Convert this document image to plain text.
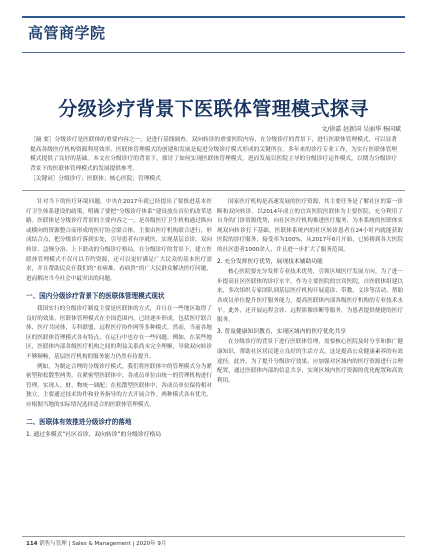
高管商学院
分级诊疗背景下医联体管理模式探寻
文/徐嘉 赵新国 吴丽华 杨国斌
［摘 要］分级诊疗是医联体的重要内容之一，是进行基线调查，双向转诊的重要医院内容，在分级诊疗的背景下，进行医联体管理模式，可以显著提高各级医疗机构资源利用效率。医联体管理模式的创建和发展是促进分级诊疗模式形成的关键所在。多年来的诊疗专业工作，为实行医联体管理模式提供了良好的基础。本文在分级诊疗的背景下，探讨了如何实现医联体管理模式，进而发展以医院主导的分级诊疗运作模式，以期为分级诊疗背景下的医联体管理模式的发展提供参考。
［关键词］分级诊疗；医联体；核心医院；管理模式

针对当下的医疗环境问题，中央在2017年就已经提出了要推进基本医疗卫生体系建设的政策，明确了要把“分级诊疗体系”建设放在首位的改革思路。医联体是分级诊疗背景的主要内容之一，是各级医疗卫生机构通过纵向或横向的资源整合而形成的医疗协会联合体。主要由医疗机构联合进行，形成结合点，把分级诊疗落到实处，引导患者有序就医，实现基层首诊、双向转诊、急慢分治、上下联动的分级诊疗格局。在分级诊疗的背景下，建立医联体管理模式不仅可以节约资源，还可以更好满足广大民众的基本医疗需求，并且帮助民众在我们的“看病难、看病贵”的广大民群众解决医疗问题，进而解决当今社会中最突出的问题。

一、国内分级诊疗背景下的医联体管理模式现状

我国实行的分级诊疗制度主要是医联体的方式，并且在一些地区取得了良好的效果。医联体管理模式在全国范围内，已经逐步形成，包括医疗联合体、医疗共同体、专科联盟、远程医疗协作网等多种模式。然而，当前各地区的医联体管理模式各有特点，在运行中也存在一些问题。例如，在某些地区，医联体内部各级医疗机构之间的利益关系尚未完全理顺，导致双向转诊不够顺畅，基层医疗机构的服务能力仍然有待提升。

例如，为制定合理的分级诊疗模式，我们将医联体中的管理模式分为紧密型和松散型两类。在紧密型医联体中，各成员单位由统一的管理机构进行管理，实现人、财、物统一调配；在松散型医联体中，各成员单位保持相对独立，主要通过技术协作和业务指导的方式开展合作。两种模式各有优劣，应根据当地的实际情况选择适合的医联体管理模式。

二、医联体有效推进分级诊疗的落地
1. 通过多模式“社区首诊、双向转诊”的分级诊疗格局

国家医疗机构是高速发展的医疗资源，其主要任务是了解社区的第一诊断和双向转诊。以2014年成立的宜宾医院医联体为主要医院，充分利用了自身的门诊资源优势，向社区医疗机构推进医疗服务，为本系统的医联体实现双向转诊打下基础。医联体系统内的社区转诊患者在24小时内就能获取医院的诊疗服务，接受率为100%，从2017年6月开始，已转移到各大医院的社区患者1000余人，并且进一步扩大了服务范围。

2. 充分发挥医疗优势，展现技术辅助功能

核心医院要充分发挥专业技术优势，引领区域医疗发展方向。为了进一步提高社区医联体的诊疗水平，作为主要医院的宜宾医院，自医联体组建以来，多次组织专家团队到基层医疗机构开展巡诊、带教、义诊等活动，帮助各成员单位提升医疗服务能力，提高医联体内部各级医疗机构的专业技术水平。此外，还开展远程会诊、远程影像诊断等服务，为患者提供便捷的医疗服务。

3. 普及健康知识教育，实现区域内的医疗优化共享

在分级诊疗的背景下进行医联体管理，需要核心医院及时分享和推广健康知识，帮助社区居民建立良好的生活方式，这是提高公众健康素养的有效途径。此外，为了提升分级诊疗效果，应加强对区域内的医疗资源进行合理配置，通过医联体内部的信息共享，实现区域内医疗资源的优化配置和高效利用。

114 销售与管理 | Sales & Management | 2020年 9月
